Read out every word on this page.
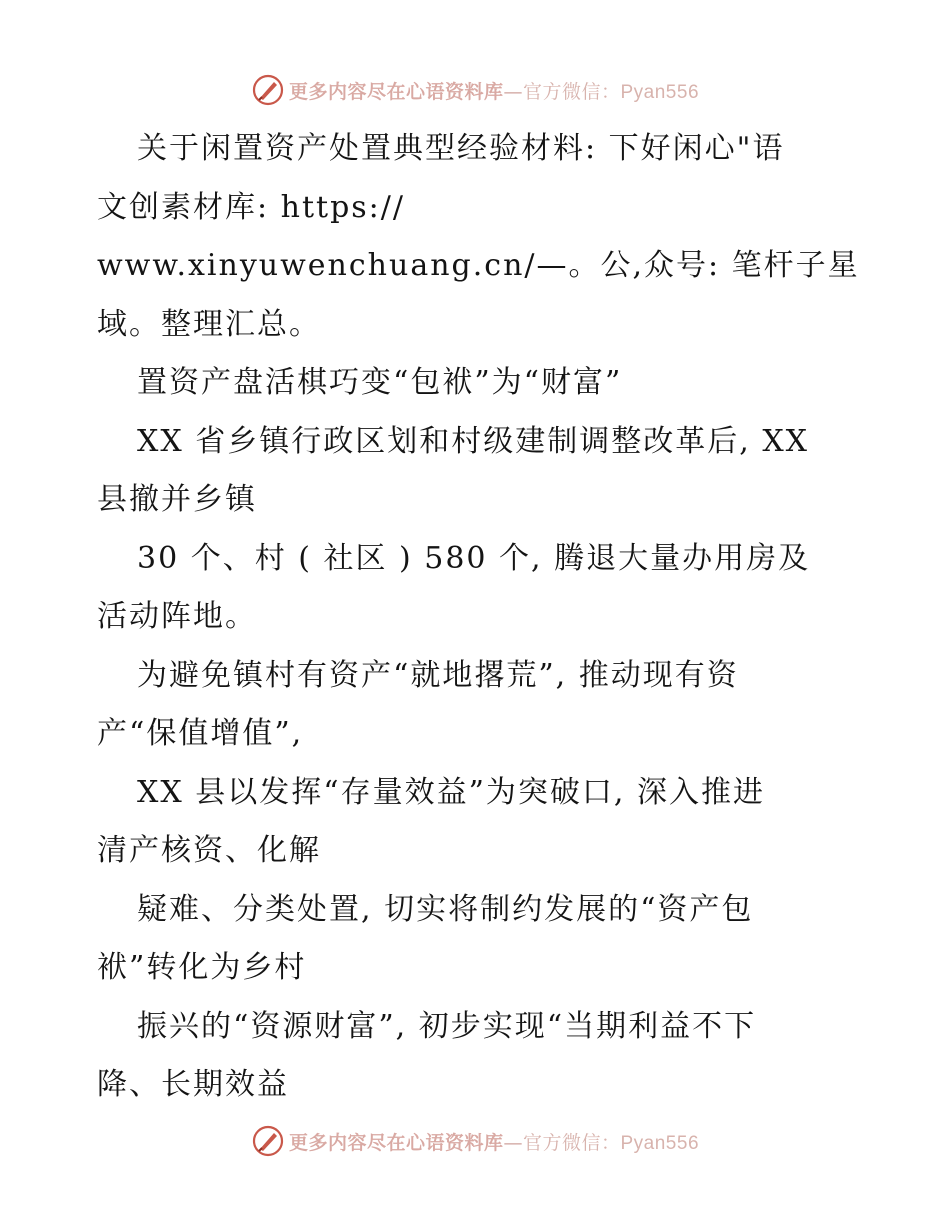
更多内容尽在心语资料库—官方微信：Pyan556
关于闲置资产处置典型经验材料: 下好闲心"语
文创素材库: https://
www.xinyuwenchuang.cn/—。公,众号: 笔杆子星
域。整理汇总。
置资产盘活棋巧变“包袱”为“财富”
XX 省乡镇行政区划和村级建制调整改革后, XX
县撤并乡镇
30 个、村 ( 社区 ) 580 个, 腾退大量办用房及
活动阵地。
为避免镇村有资产“就地撂荒”, 推动现有资
产“保值增值”,
XX 县以发挥“存量效益”为突破口, 深入推进
清产核资、化解
疑难、分类处置, 切实将制约发展的“资产包
袱”转化为乡村
振兴的“资源财富”, 初步实现“当期利益不下
降、长期效益
更多内容尽在心语资料库—官方微信：Pyan556
